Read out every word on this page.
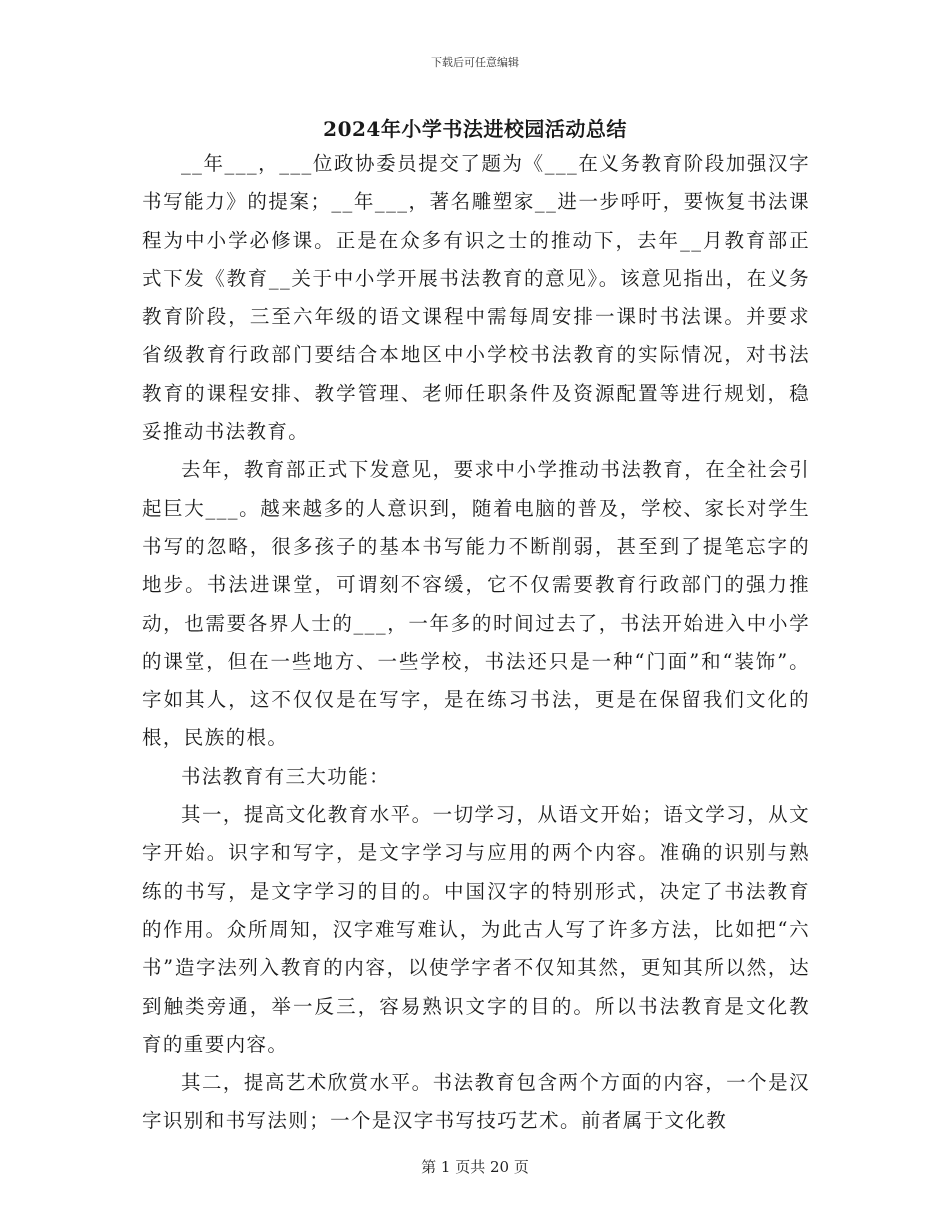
下载后可任意编辑
2024年小学书法进校园活动总结

__年___，___位政协委员提交了题为《___在义务教育阶段加强汉字书写能力》的提案；__年___，著名雕塑家__进一步呼吁，要恢复书法课程为中小学必修课。正是在众多有识之士的推动下，去年__月教育部正式下发《教育__关于中小学开展书法教育的意见》。该意见指出，在义务教育阶段，三至六年级的语文课程中需每周安排一课时书法课。并要求省级教育行政部门要结合本地区中小学校书法教育的实际情况，对书法教育的课程安排、教学管理、老师任职条件及资源配置等进行规划，稳妥推动书法教育。

去年，教育部正式下发意见，要求中小学推动书法教育，在全社会引起巨大___。越来越多的人意识到，随着电脑的普及，学校、家长对学生书写的忽略，很多孩子的基本书写能力不断削弱，甚至到了提笔忘字的地步。书法进课堂，可谓刻不容缓，它不仅需要教育行政部门的强力推动，也需要各界人士的___，一年多的时间过去了，书法开始进入中小学的课堂，但在一些地方、一些学校，书法还只是一种“门面”和“装饰”。字如其人，这不仅仅是在写字，是在练习书法，更是在保留我们文化的根，民族的根。

书法教育有三大功能：

其一，提高文化教育水平。一切学习，从语文开始；语文学习，从文字开始。识字和写字，是文字学习与应用的两个内容。准确的识别与熟练的书写，是文字学习的目的。中国汉字的特别形式，决定了书法教育的作用。众所周知，汉字难写难认，为此古人写了许多方法，比如把“六书”造字法列入教育的内容，以使学字者不仅知其然，更知其所以然，达到触类旁通，举一反三，容易熟识文字的目的。所以书法教育是文化教育的重要内容。

其二，提高艺术欣赏水平。书法教育包含两个方面的内容，一个是汉字识别和书写法则；一个是汉字书写技巧艺术。前者属于文化教

第 1 页共 20 页
